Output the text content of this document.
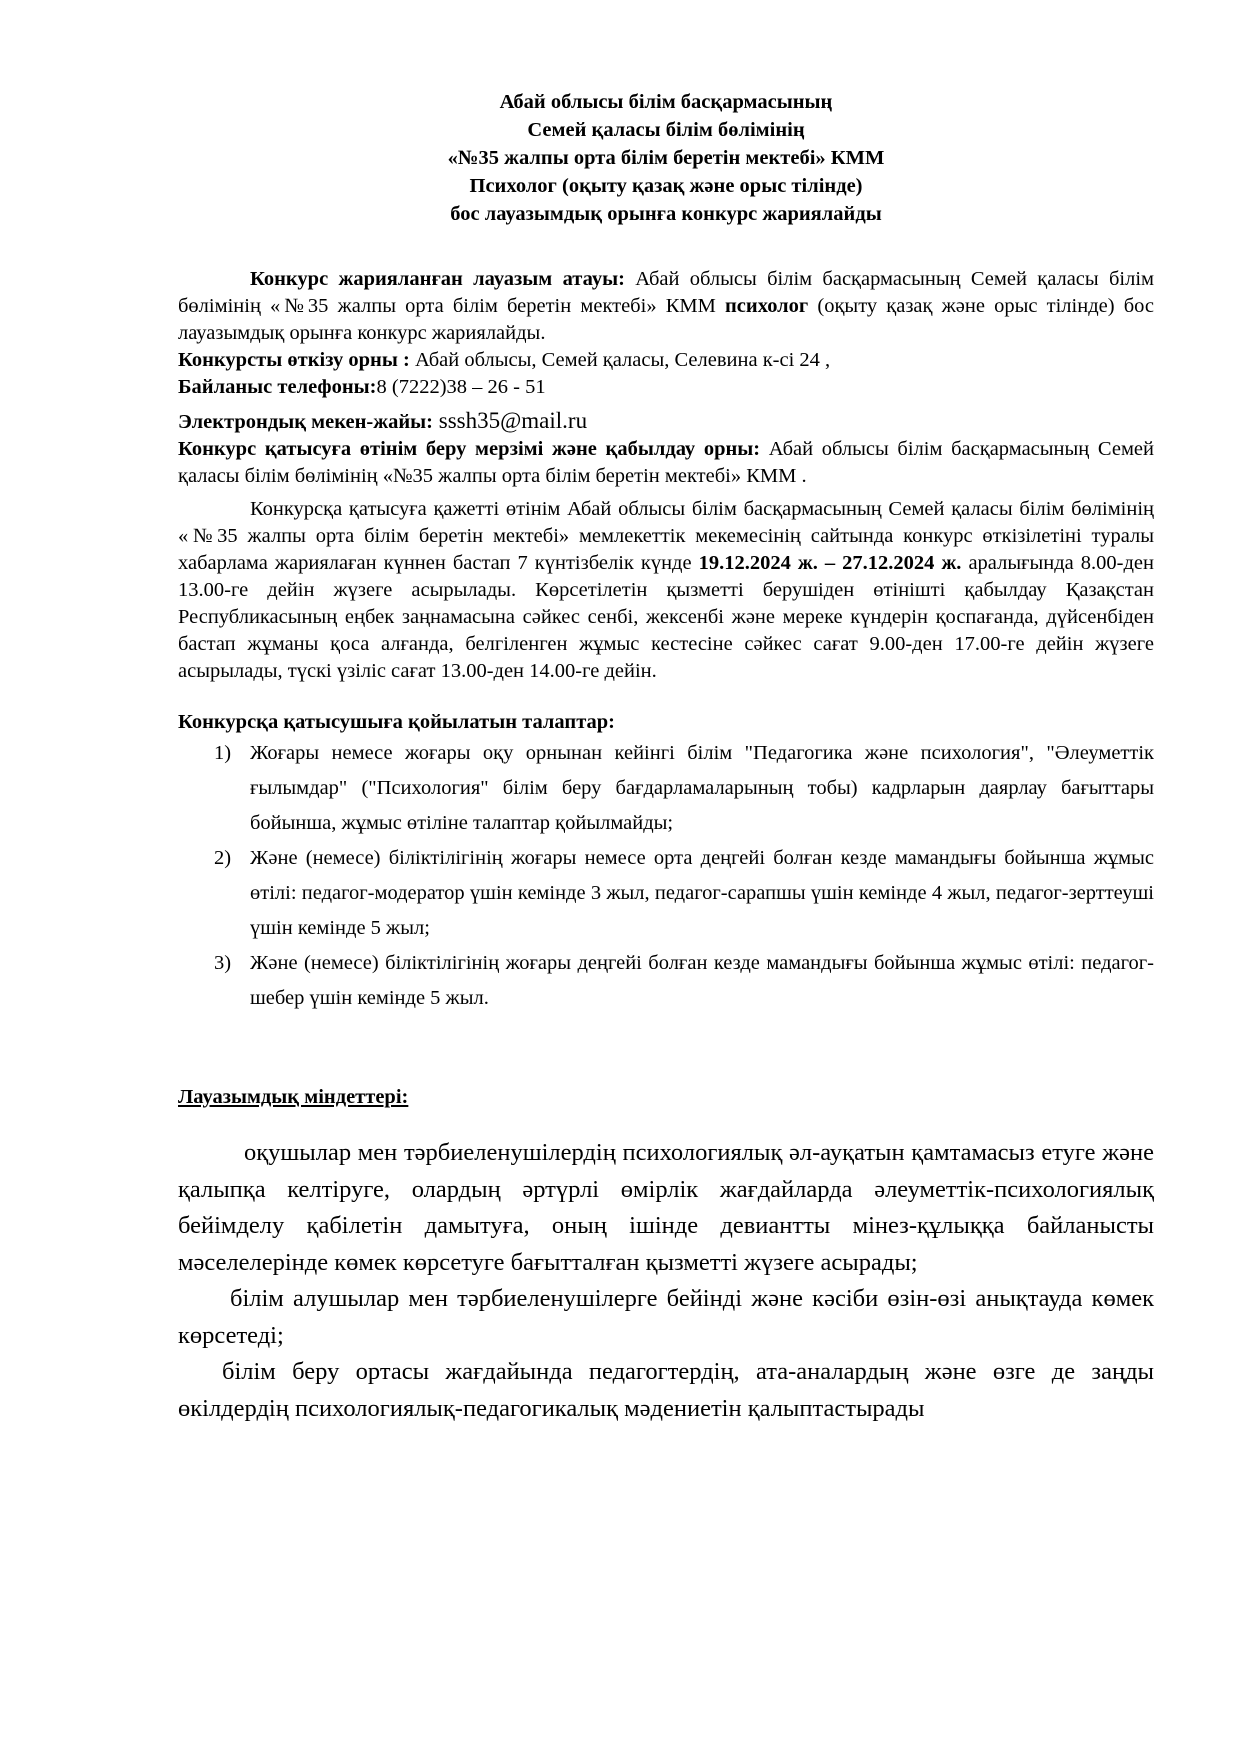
Абай облысы білім басқармасының
Семей қаласы білім бөлімінің
«№35 жалпы орта білім беретін мектебі» КММ
Психолог (оқыту қазақ және орыс тілінде)
бос лауазымдық орынға конкурс жариялайды

Конкурс жарияланған лауазым атауы: Абай облысы білім басқармасының Семей қаласы білім бөлімінің «№35 жалпы орта білім беретін мектебі» КММ психолог (оқыту қазақ және орыс тілінде) бос лауазымдық орынға конкурс жариялайды.

Конкурсты өткізу орны : Абай облысы, Семей қаласы, Селевина к-сі 24 ,

Байланыс телефоны:8 (7222)38 – 26 - 51

Электрондық мекен-жайы: sssh35@mail.ru

Конкурс қатысуға өтінім беру мерзімі және қабылдау орны: Абай облысы білім басқармасының Семей қаласы білім бөлімінің «№35 жалпы орта білім беретін мектебі» КММ .

Конкурсқа қатысуға қажетті өтінім Абай облысы білім басқармасының Семей қаласы білім бөлімінің «№35 жалпы орта білім беретін мектебі» мемлекеттік мекемесінің сайтында конкурс өткізілетіні туралы хабарлама жариялаған күннен бастап 7 күнтізбелік күнде 19.12.2024 ж. – 27.12.2024 ж. аралығында 8.00-ден 13.00-ге дейін жүзеге асырылады. Көрсетілетін қызметті берушіден өтінішті қабылдау Қазақстан Республикасының еңбек заңнамасына сәйкес сенбі, жексенбі және мереке күндерін қоспағанда, дүйсенбіден бастап жұманы қоса алғанда, белгіленген жұмыс кестесіне сәйкес сағат 9.00-ден 17.00-ге дейін жүзеге асырылады, түскі үзіліс сағат 13.00-ден 14.00-ге дейін.

Конкурсқа қатысушыға қойылатын талаптар:

1) Жоғары немесе жоғары оқу орнынан кейінгі білім "Педагогика және психология", "Әлеуметтік ғылымдар" ("Психология" білім беру бағдарламаларының тобы) кадрларын даярлау бағыттары бойынша, жұмыс өтіліне талаптар қойылмайды;
2) Және (немесе) біліктілігінің жоғары немесе орта деңгейі болған кезде мамандығы бойынша жұмыс өтілі: педагог-модератор үшін кемінде 3 жыл, педагог-сарапшы үшін кемінде 4 жыл, педагог-зерттеуші үшін кемінде 5 жыл;
3) Және (немесе) біліктілігінің жоғары деңгейі болған кезде мамандығы бойынша жұмыс өтілі: педагог-шебер үшін кемінде 5 жыл.

Лауазымдық міндеттері:

оқушылар мен тәрбиеленушілердің психологиялық әл-ауқатын қамтамасыз етуге және қалыпқа келтіруге, олардың әртүрлі өмірлік жағдайларда әлеуметтік-психологиялық бейімделу қабілетін дамытуға, оның ішінде девиантты мінез-құлыққа байланысты мәселелерінде көмек көрсетуге бағытталған қызметті жүзеге асырады;

білім алушылар мен тәрбиеленушілерге бейінді және кәсіби өзін-өзі анықтауда көмек көрсетеді;

білім беру ортасы жағдайында педагогтердің, ата-аналардың және өзге де заңды өкілдердің психологиялық-педагогикалық мәдениетін қалыптастырады
